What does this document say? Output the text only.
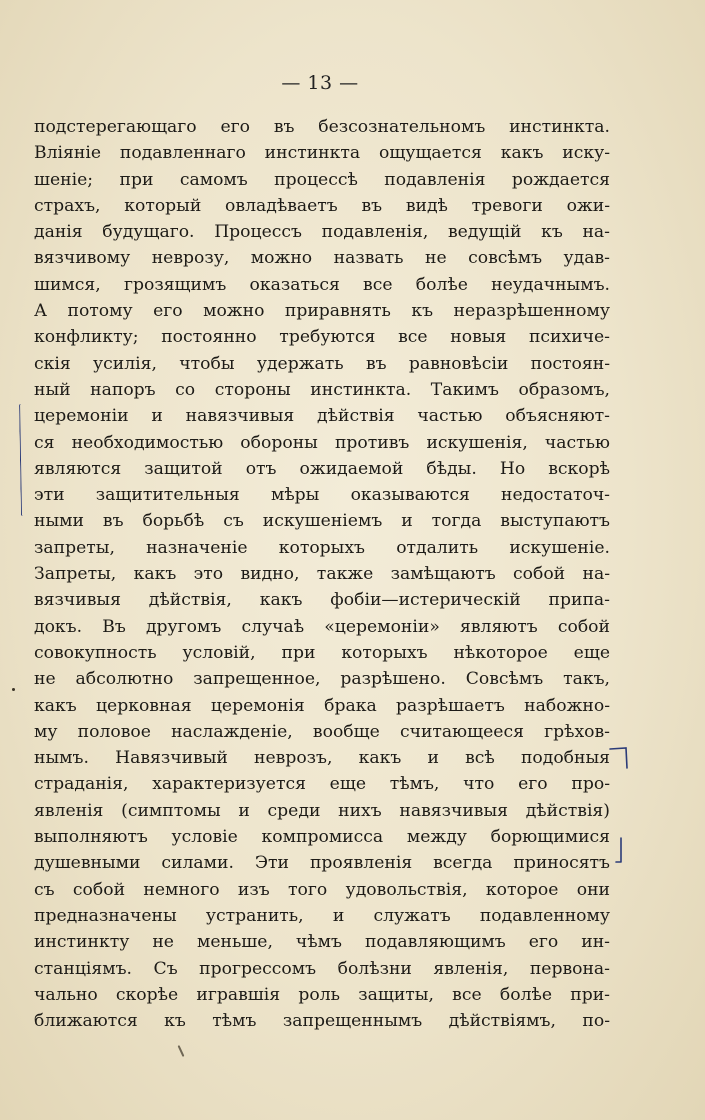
— 13 —
подстерегающаго его въ безсознательномъ инстинкта.
Вліяніе подавленнаго инстинкта ощущается какъ иску-
шеніе; при самомъ процессѣ подавленія рождается
страхъ, который овладѣваетъ въ видѣ тревоги ожи-
данія будущаго. Процессъ подавленія, ведущій къ на-
вязчивому неврозу, можно назвать не совсѣмъ удав-
шимся, грозящимъ оказаться все болѣе неудачнымъ.
А потому его можно приравнять къ неразрѣшенному
конфликту; постоянно требуются все новыя психиче-
скія усилія, чтобы удержать въ равновѣсіи постоян-
ный напоръ со стороны инстинкта. Такимъ образомъ,
церемоніи и навязчивыя дѣйствія частью объясняют-
ся необходимостью обороны противъ искушенія, частью
являются защитой отъ ожидаемой бѣды. Но вскорѣ
эти защитительныя мѣры оказываются недостаточ-
ными въ борьбѣ съ искушеніемъ и тогда выступаютъ
запреты, назначеніе которыхъ отдалить искушеніе.
Запреты, какъ это видно, также замѣщаютъ собой на-
вязчивыя дѣйствія, какъ фобіи—истерическій припа-
докъ. Въ другомъ случаѣ «церемоніи» являютъ собой
совокупность условій, при которыхъ нѣкоторое еще
не абсолютно запрещенное, разрѣшено. Совсѣмъ такъ,
какъ церковная церемонія брака разрѣшаетъ набожно-
му половое наслажденіе, вообще считающееся грѣхов-
нымъ. Навязчивый неврозъ, какъ и всѣ подобныя
страданія, характеризуется еще тѣмъ, что его про-
явленія (симптомы и среди нихъ навязчивыя дѣйствія)
выполняютъ условіе компромисса между борющимися
душевными силами. Эти проявленія всегда приносятъ
съ собой немного изъ того удовольствія, которое они
предназначены устранить, и служатъ подавленному
инстинкту не меньше, чѣмъ подавляющимъ его ин-
станціямъ. Съ прогрессомъ болѣзни явленія, первона-
чально скорѣе игравшія роль защиты, все болѣе при-
ближаются къ тѣмъ запрещеннымъ дѣйствіямъ, по-
